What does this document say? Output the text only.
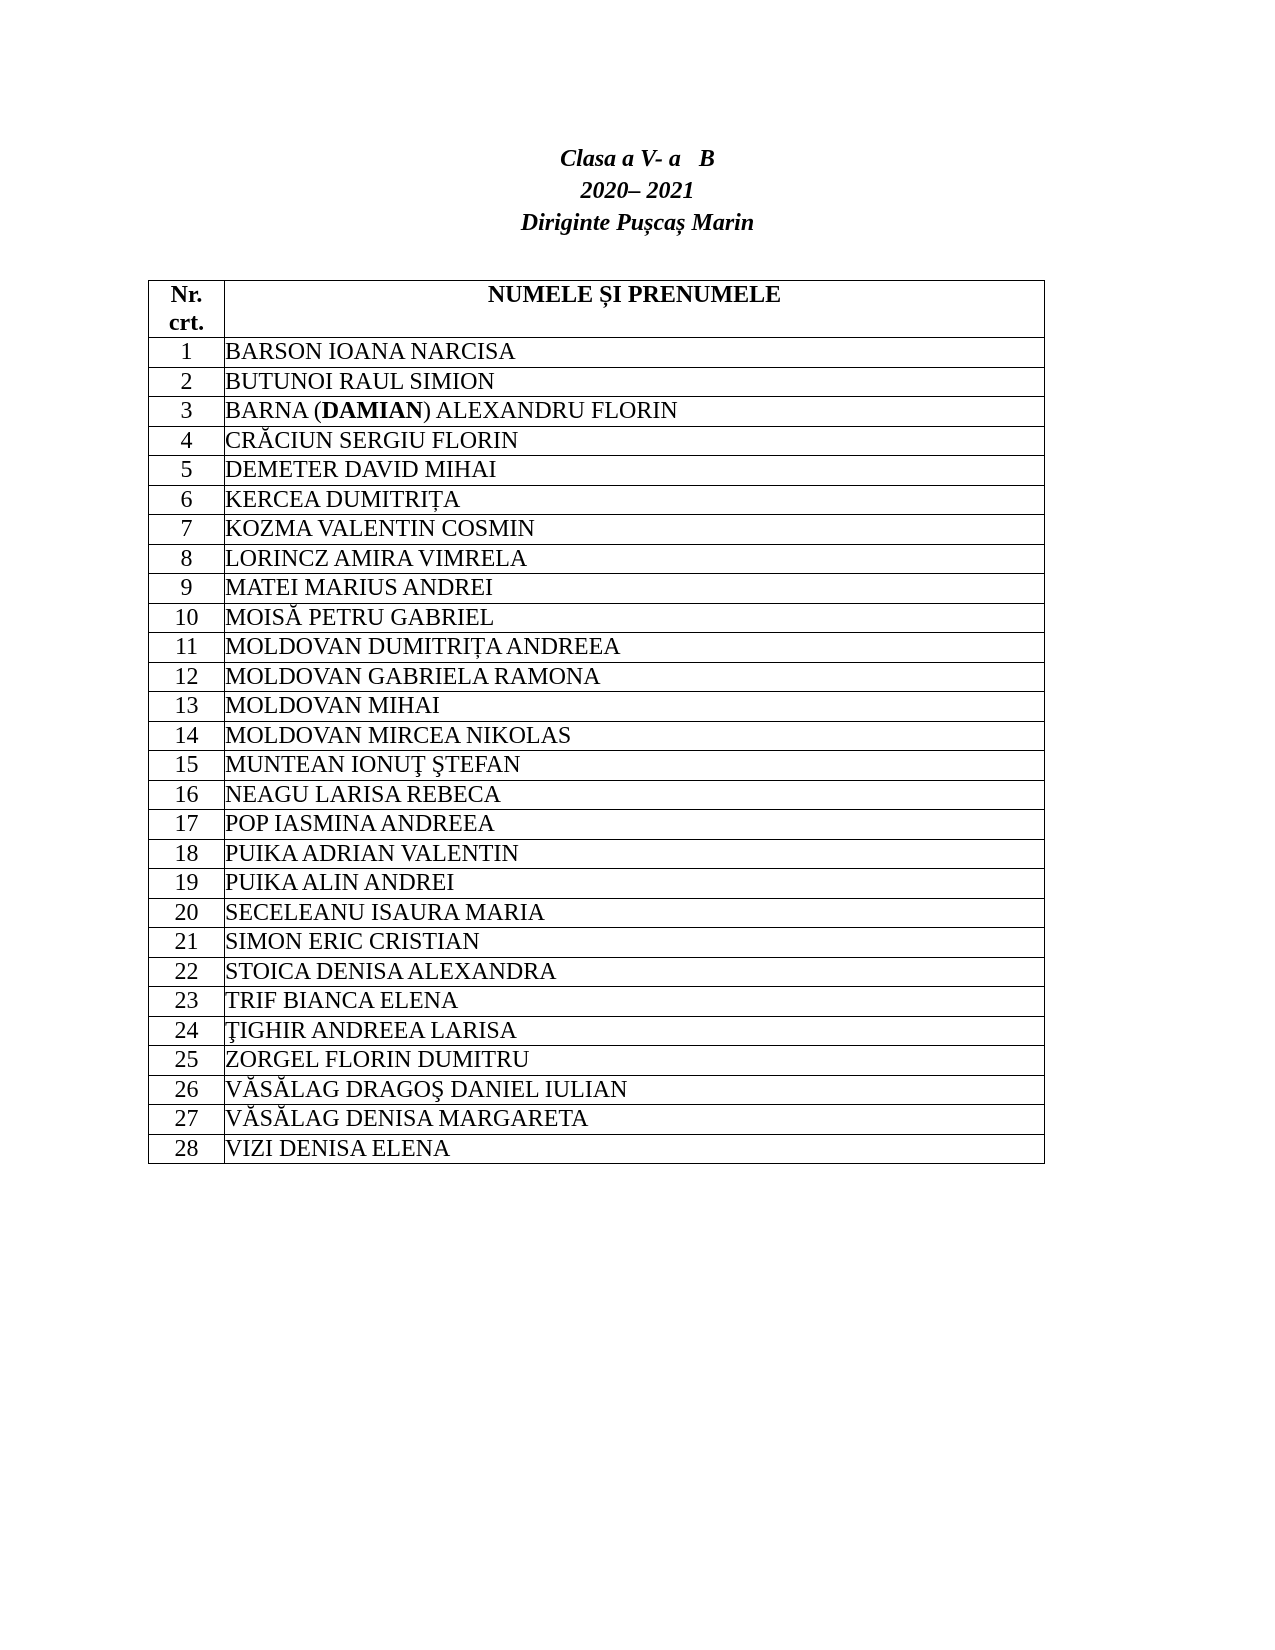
Clasa a V- a   B
2020– 2021
Diriginte Pușcaș Marin
Nr.
crt.	NUMELE ȘI PRENUMELE
1	BARSON IOANA NARCISA
2	BUTUNOI RAUL SIMION
3	BARNA (DAMIAN) ALEXANDRU FLORIN
4	CRĂCIUN SERGIU FLORIN
5	DEMETER DAVID MIHAI
6	KERCEA DUMITRIȚA
7	KOZMA VALENTIN COSMIN
8	LORINCZ AMIRA VIMRELA
9	MATEI MARIUS ANDREI
10	MOISĂ PETRU GABRIEL
11	MOLDOVAN DUMITRIȚA ANDREEA
12	MOLDOVAN GABRIELA RAMONA
13	MOLDOVAN MIHAI
14	MOLDOVAN MIRCEA NIKOLAS
15	MUNTEAN IONUŢ ŞTEFAN
16	NEAGU LARISA REBECA
17	POP IASMINA ANDREEA
18	PUIKA ADRIAN VALENTIN
19	PUIKA ALIN ANDREI
20	SECELEANU ISAURA MARIA
21	SIMON ERIC CRISTIAN
22	STOICA DENISA ALEXANDRA
23	TRIF BIANCA ELENA
24	ŢIGHIR ANDREEA LARISA
25	ZORGEL FLORIN DUMITRU
26	VĂSĂLAG DRAGOŞ DANIEL IULIAN
27	VĂSĂLAG DENISA MARGARETA
28	VIZI DENISA ELENA
